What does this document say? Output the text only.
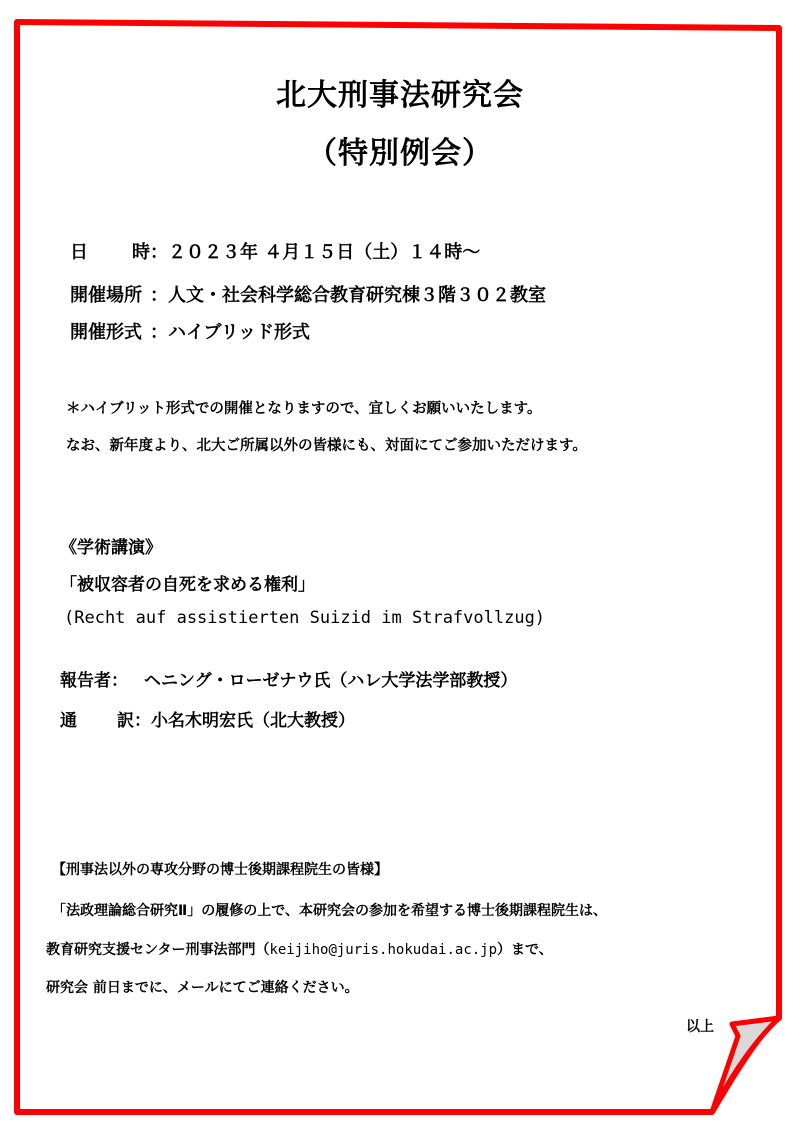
北大刑事法研究会
（特別例会）
日　　時：２０２３年 ４月１５日（土）１４時～
開催場所 ：人文・社会科学総合教育研究棟３階３０２教室
開催形式 ：ハイブリッド形式
＊ハイブリット形式での開催となりますので、宜しくお願いいたします。
なお、新年度より、北大ご所属以外の皆様にも、対面にてご参加いただけます。
《学術講演》
「被収容者の自死を求める権利」
(Recht auf assistierten Suizid im Strafvollzug)
報告者： ヘニング・ローゼナウ氏（ハレ大学法学部教授）
通　訳：小名木明宏氏（北大教授）
【刑事法以外の専攻分野の博士後期課程院生の皆様】
「法政理論総合研究Ⅱ」の履修の上で、本研究会の参加を希望する博士後期課程院生は、
教育研究支援センター刑事法部門（keijiho@juris.hokudai.ac.jp）まで、
研究会 前日までに、メールにてご連絡ください。
以上
